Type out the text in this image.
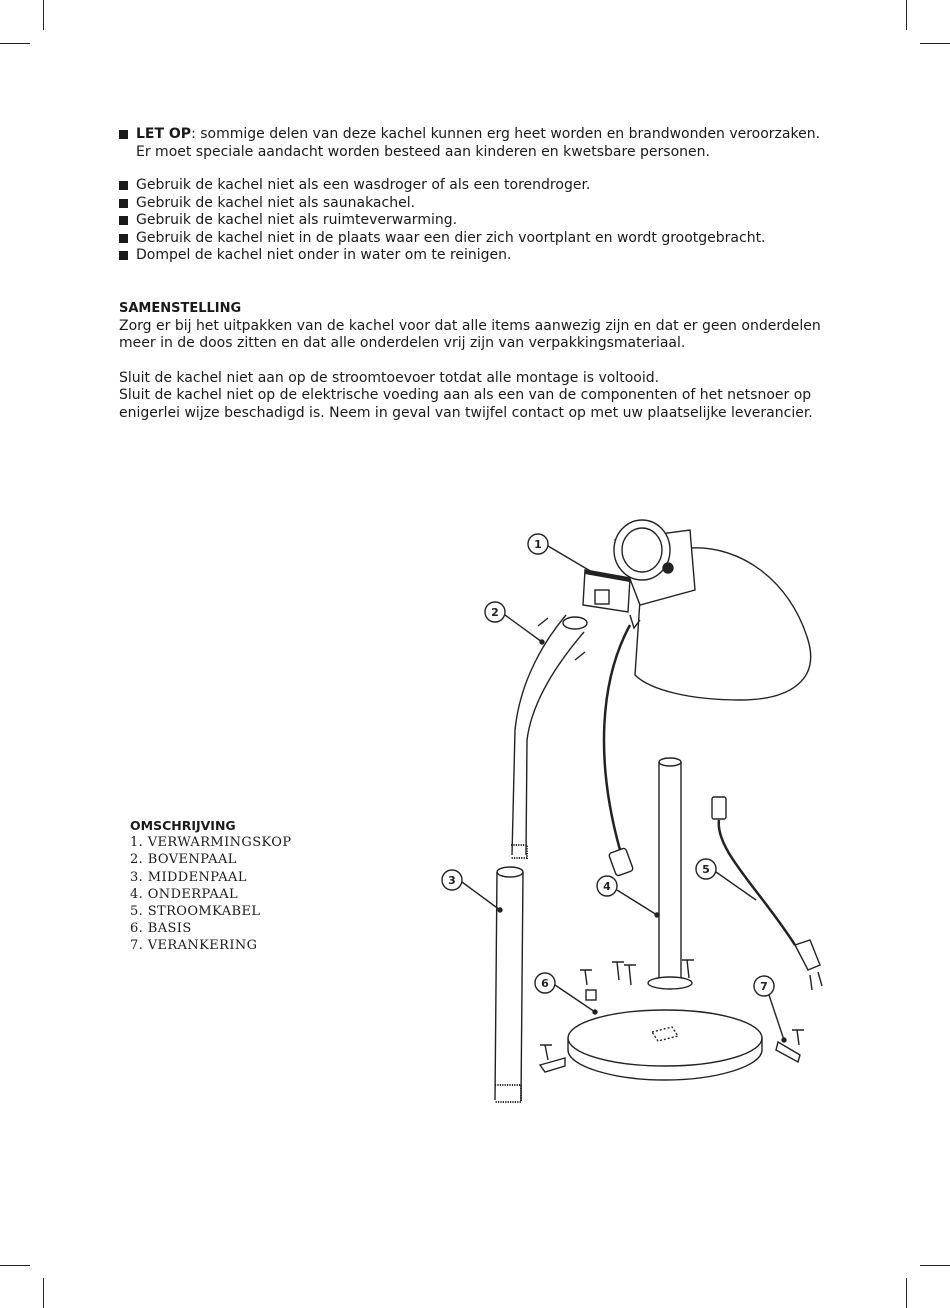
LET OP: sommige delen van deze kachel kunnen erg heet worden en brandwonden veroorzaken.
Er moet speciale aandacht worden besteed aan kinderen en kwetsbare personen.
Gebruik de kachel niet als een wasdroger of als een torendroger.
Gebruik de kachel niet als saunakachel.
Gebruik de kachel niet als ruimteverwarming.
Gebruik de kachel niet in de plaats waar een dier zich voortplant en wordt grootgebracht.
Dompel de kachel niet onder in water om te reinigen.
SAMENSTELLING

Zorg er bij het uitpakken van de kachel voor dat alle items aanwezig zijn en dat er geen onderdelen meer in de doos zitten en dat alle onderdelen vrij zijn van verpakkingsmateriaal.

Sluit de kachel niet aan op de stroomtoevoer totdat alle montage is voltooid.

Sluit de kachel niet op de elektrische voeding aan als een van de componenten of het netsnoer op enigerlei wijze beschadigd is. Neem in geval van twijfel contact op met uw plaatselijke leverancier.

1
2
3	4
5
6	7
OMSCHRIJVING
1. VERWARMINGSKOP
2. BOVENPAAL
3. MIDDENPAAL
4. ONDERPAAL
5. STROOMKABEL
6. BASIS
7. VERANKERING
